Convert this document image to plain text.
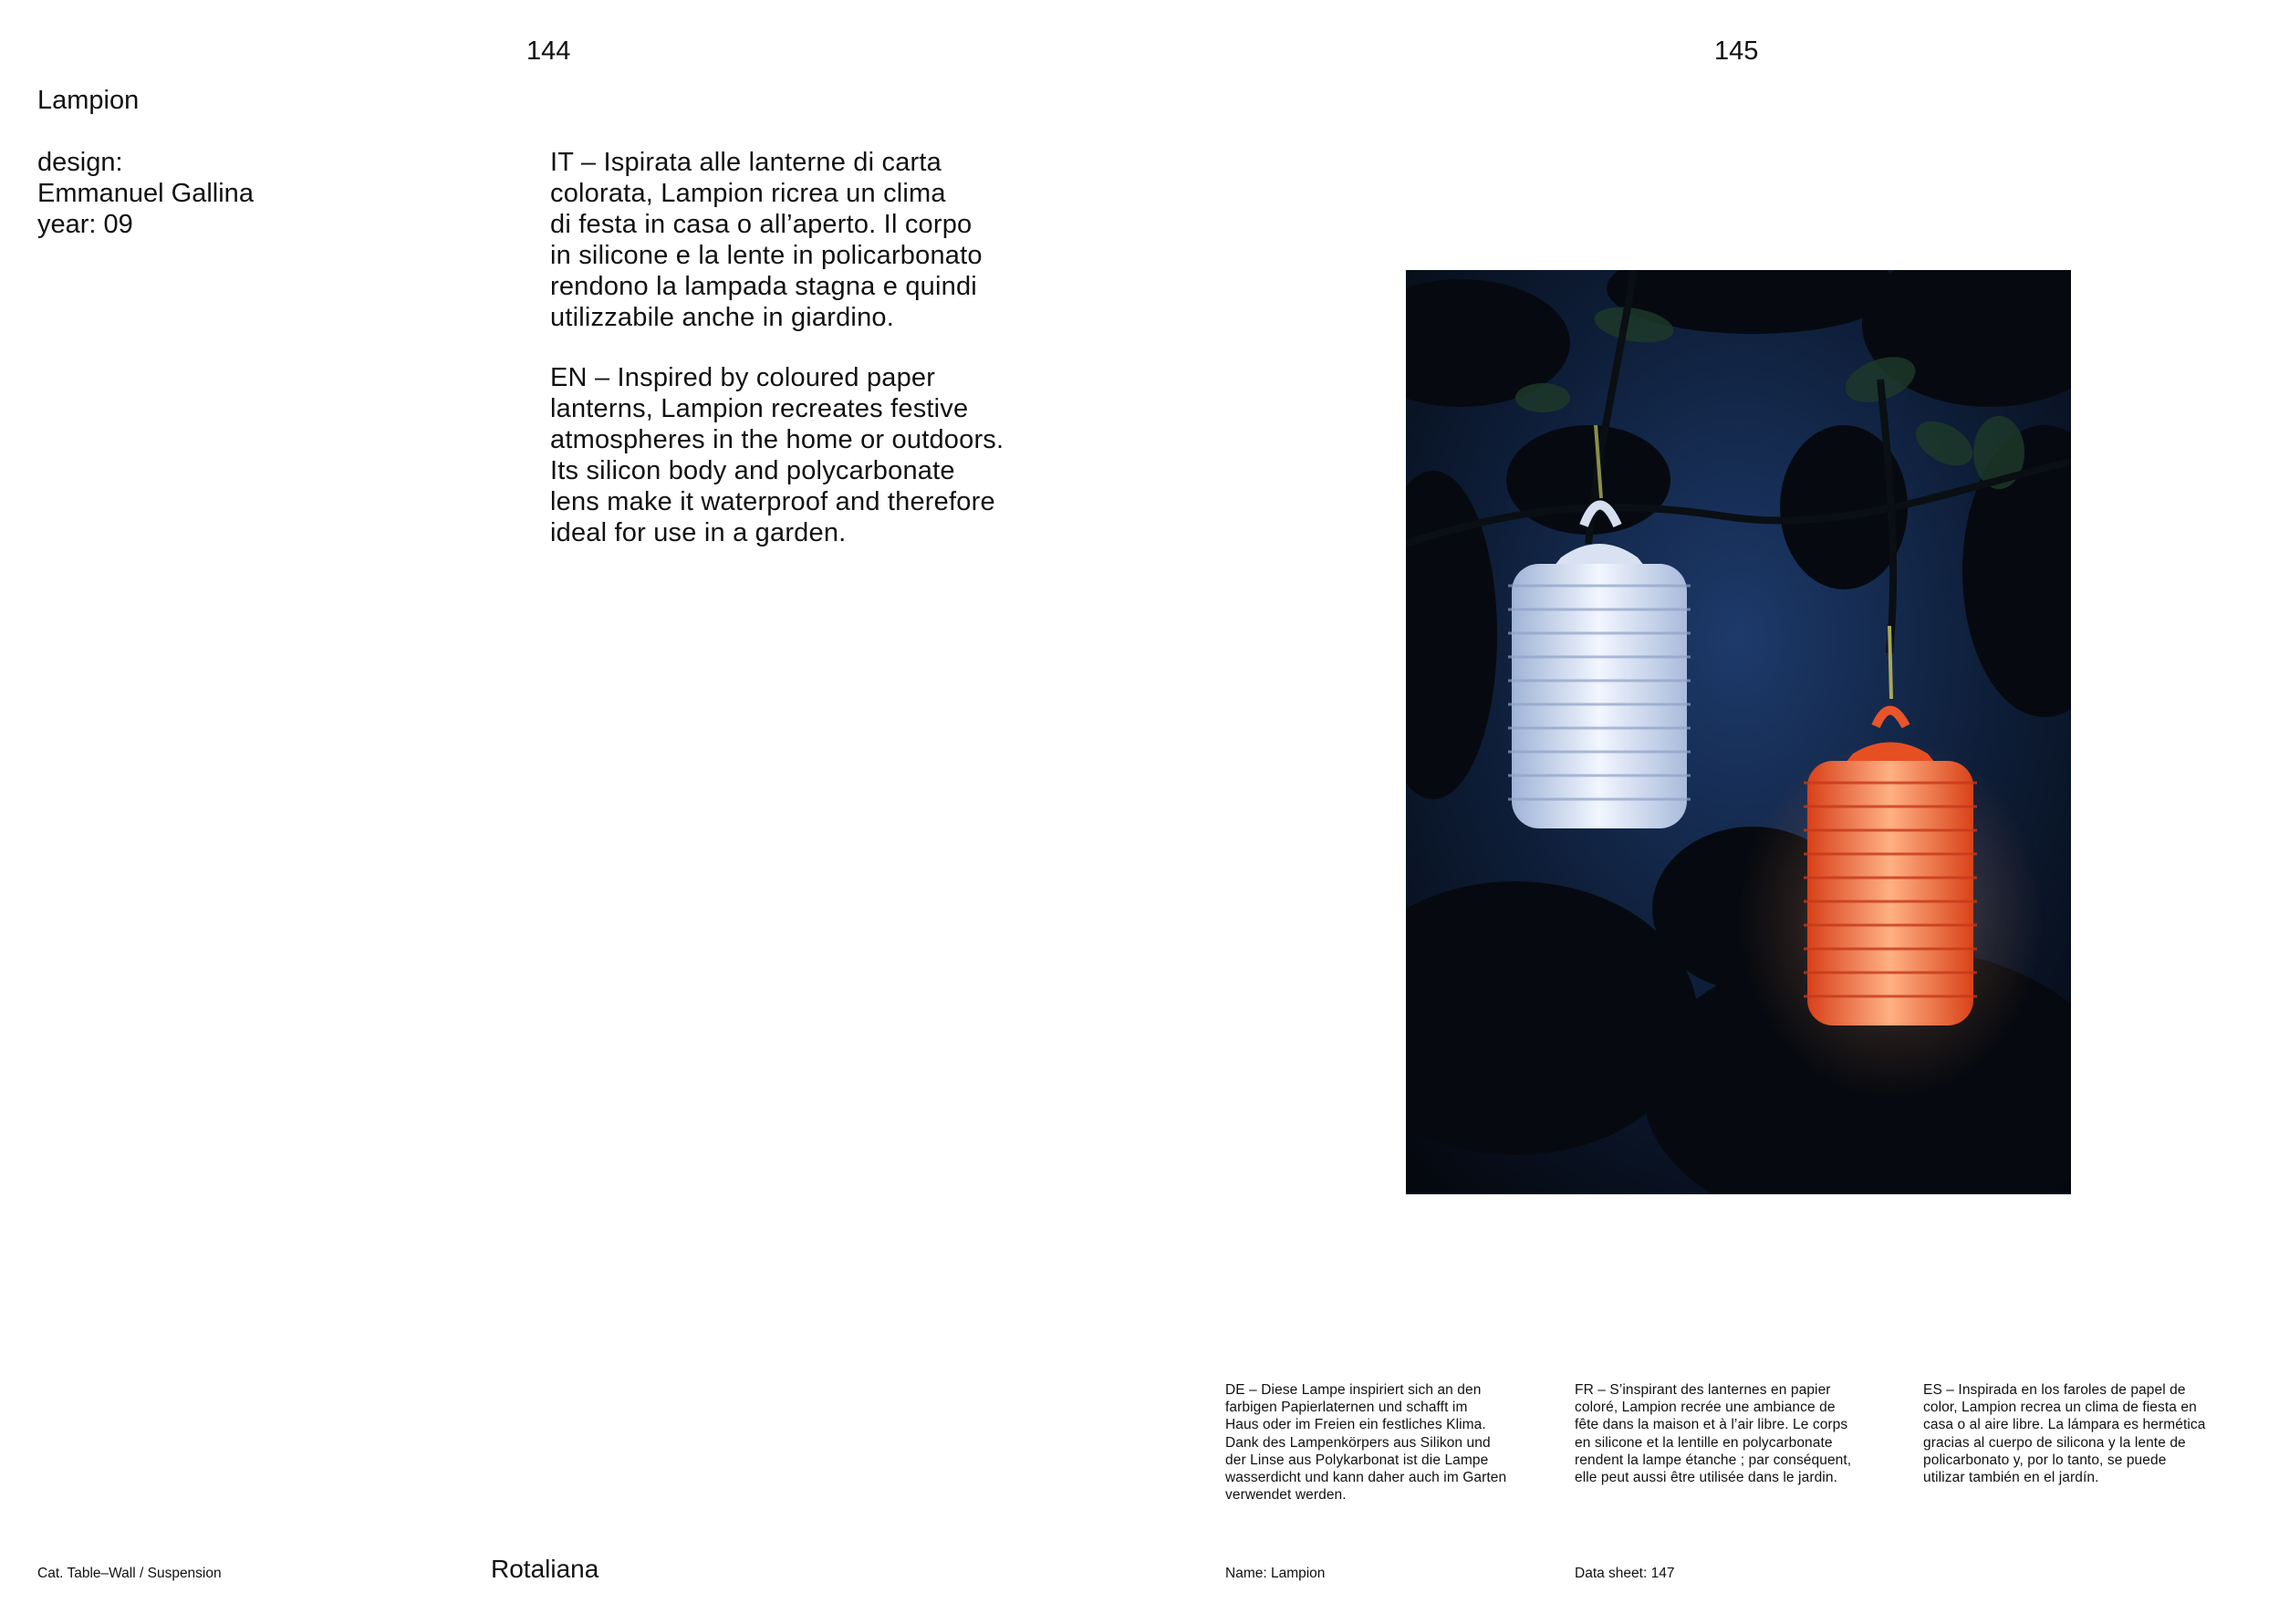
144
Lampion
design:
Emmanuel Gallina
year: 09
IT – Ispirata alle lanterne di carta
colorata, Lampion ricrea un clima
di festa in casa o all’aperto. Il corpo
in silicone e la lente in policarbonato
rendono la lampada stagna e quindi
utilizzabile anche in giardino.
EN – Inspired by coloured paper
lanterns, Lampion recreates festive
atmospheres in the home or outdoors.
Its silicon body and polycarbonate
lens make it waterproof and therefore
ideal for use in a garden.
Cat. Table–Wall / Suspension	Rotaliana
145
DE – Diese Lampe inspiriert sich an den
farbigen Papierlaternen und schafft im
Haus oder im Freien ein festliches Klima.
Dank des Lampenkörpers aus Silikon und
der Linse aus Polykarbonat ist die Lampe
wasserdicht und kann daher auch im Garten
verwendet werden.
FR – S’inspirant des lanternes en papier
coloré, Lampion recrée une ambiance de
fête dans la maison et à l’air libre. Le corps
en silicone et la lentille en polycarbonate
rendent la lampe étanche ; par conséquent,
elle peut aussi être utilisée dans le jardin.
ES – Inspirada en los faroles de papel de
color, Lampion recrea un clima de fiesta en
casa o al aire libre. La lámpara es hermética
gracias al cuerpo de silicona y la lente de
policarbonato y, por lo tanto, se puede
utilizar también en el jardín.
Name: Lampion	Data sheet: 147
